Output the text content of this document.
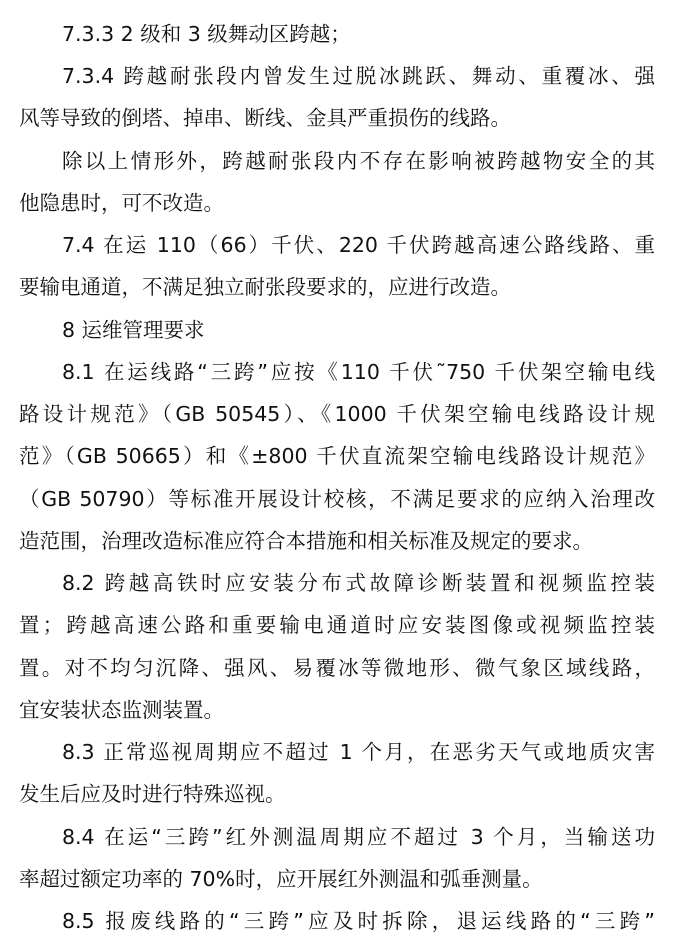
7.3.3 2 级和 3 级舞动区跨越；
7.3.4 跨越耐张段内曾发生过脱冰跳跃、舞动、重覆冰、强
风等导致的倒塔、掉串、断线、金具严重损伤的线路。
除以上情形外，跨越耐张段内不存在影响被跨越物安全的其
他隐患时，可不改造。
7.4 在运 110（66）千伏、220 千伏跨越高速公路线路、重
要输电通道，不满足独立耐张段要求的，应进行改造。
8 运维管理要求
8.1 在运线路“三跨”应按《110 千伏˜750 千伏架空输电线
路设计规范》（GB 50545）、《1000 千伏架空输电线路设计规
范》（GB 50665）和《±800 千伏直流架空输电线路设计规范》
（GB 50790）等标准开展设计校核，不满足要求的应纳入治理改
造范围，治理改造标准应符合本措施和相关标准及规定的要求。
8.2 跨越高铁时应安装分布式故障诊断装置和视频监控装
置；跨越高速公路和重要输电通道时应安装图像或视频监控装
置。对不均匀沉降、强风、易覆冰等微地形、微气象区域线路，
宜安装状态监测装置。
8.3 正常巡视周期应不超过 1 个月，在恶劣天气或地质灾害
发生后应及时进行特殊巡视。
8.4 在运“三跨”红外测温周期应不超过 3 个月，当输送功
率超过额定功率的 70%时，应开展红外测温和弧垂测量。
8.5 报废线路的“三跨”应及时拆除，退运线路的“三跨”
